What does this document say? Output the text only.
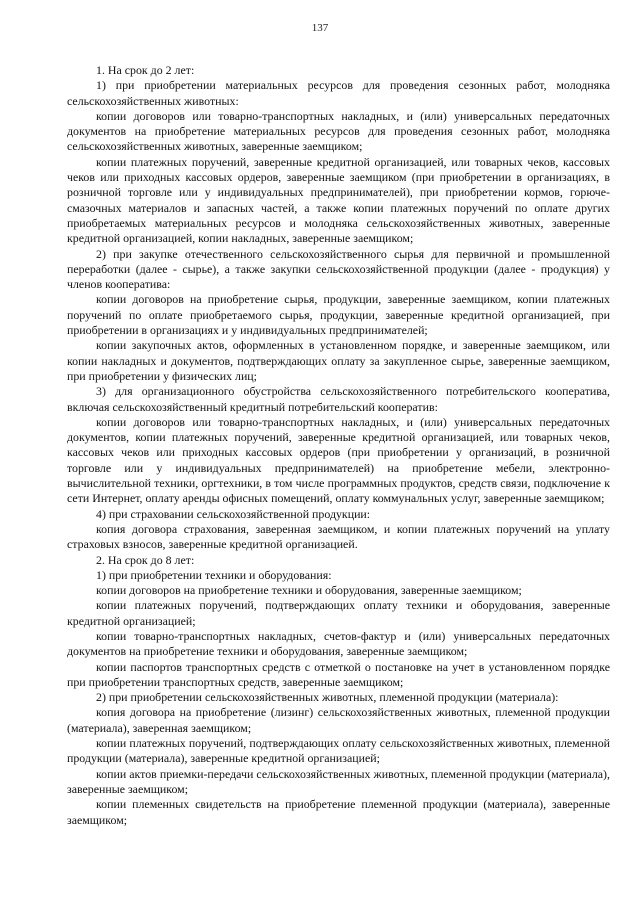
137

1. На срок до 2 лет:

1) при приобретении материальных ресурсов для проведения сезонных работ, молодняка сельскохозяйственных животных:

копии договоров или товарно-транспортных накладных, и (или) универсальных передаточных документов на приобретение материальных ресурсов для проведения сезонных работ, молодняка сельскохозяйственных животных, заверенные заемщиком;

копии платежных поручений, заверенные кредитной организацией, или товарных чеков, кассовых чеков или приходных кассовых ордеров, заверенные заемщиком (при приобретении в организациях, в розничной торговле или у индивидуальных предпринимателей), при приобретении кормов, горюче-смазочных материалов и запасных частей, а также копии платежных поручений по оплате других приобретаемых материальных ресурсов и молодняка сельскохозяйственных животных, заверенные кредитной организацией, копии накладных, заверенные заемщиком;

2) при закупке отечественного сельскохозяйственного сырья для первичной и промышленной переработки (далее - сырье), а также закупки сельскохозяйственной продукции (далее - продукция) у членов кооператива:

копии договоров на приобретение сырья, продукции, заверенные заемщиком, копии платежных поручений по оплате приобретаемого сырья, продукции, заверенные кредитной организацией, при приобретении в организациях и у индивидуальных предпринимателей;

копии закупочных актов, оформленных в установленном порядке, и заверенные заемщиком, или копии накладных и документов, подтверждающих оплату за закупленное сырье, заверенные заемщиком, при приобретении у физических лиц;

3) для организационного обустройства сельскохозяйственного потребительского кооператива, включая сельскохозяйственный кредитный потребительский кооператив:

копии договоров или товарно-транспортных накладных, и (или) универсальных передаточных документов, копии платежных поручений, заверенные кредитной организацией, или товарных чеков, кассовых чеков или приходных кассовых ордеров (при приобретении у организаций, в розничной торговле или у индивидуальных предпринимателей) на приобретение мебели, электронно-вычислительной техники, оргтехники, в том числе программных продуктов, средств связи, подключение к сети Интернет, оплату аренды офисных помещений, оплату коммунальных услуг, заверенные заемщиком;

4) при страховании сельскохозяйственной продукции:

копия договора страхования, заверенная заемщиком, и копии платежных поручений на уплату страховых взносов, заверенные кредитной организацией.

2. На срок до 8 лет:

1) при приобретении техники и оборудования:

копии договоров на приобретение техники и оборудования, заверенные заемщиком;

копии платежных поручений, подтверждающих оплату техники и оборудования, заверенные кредитной организацией;

копии товарно-транспортных накладных, счетов-фактур и (или) универсальных передаточных документов на приобретение техники и оборудования, заверенные заемщиком;

копии паспортов транспортных средств с отметкой о постановке на учет в установленном порядке при приобретении транспортных средств, заверенные заемщиком;

2) при приобретении сельскохозяйственных животных, племенной продукции (материала):

копия договора на приобретение (лизинг) сельскохозяйственных животных, племенной продукции (материала), заверенная заемщиком;

копии платежных поручений, подтверждающих оплату сельскохозяйственных животных, племенной продукции (материала), заверенные кредитной организацией;

копии актов приемки-передачи сельскохозяйственных животных, племенной продукции (материала), заверенные заемщиком;

копии племенных свидетельств на приобретение племенной продукции (материала), заверенные заемщиком;
